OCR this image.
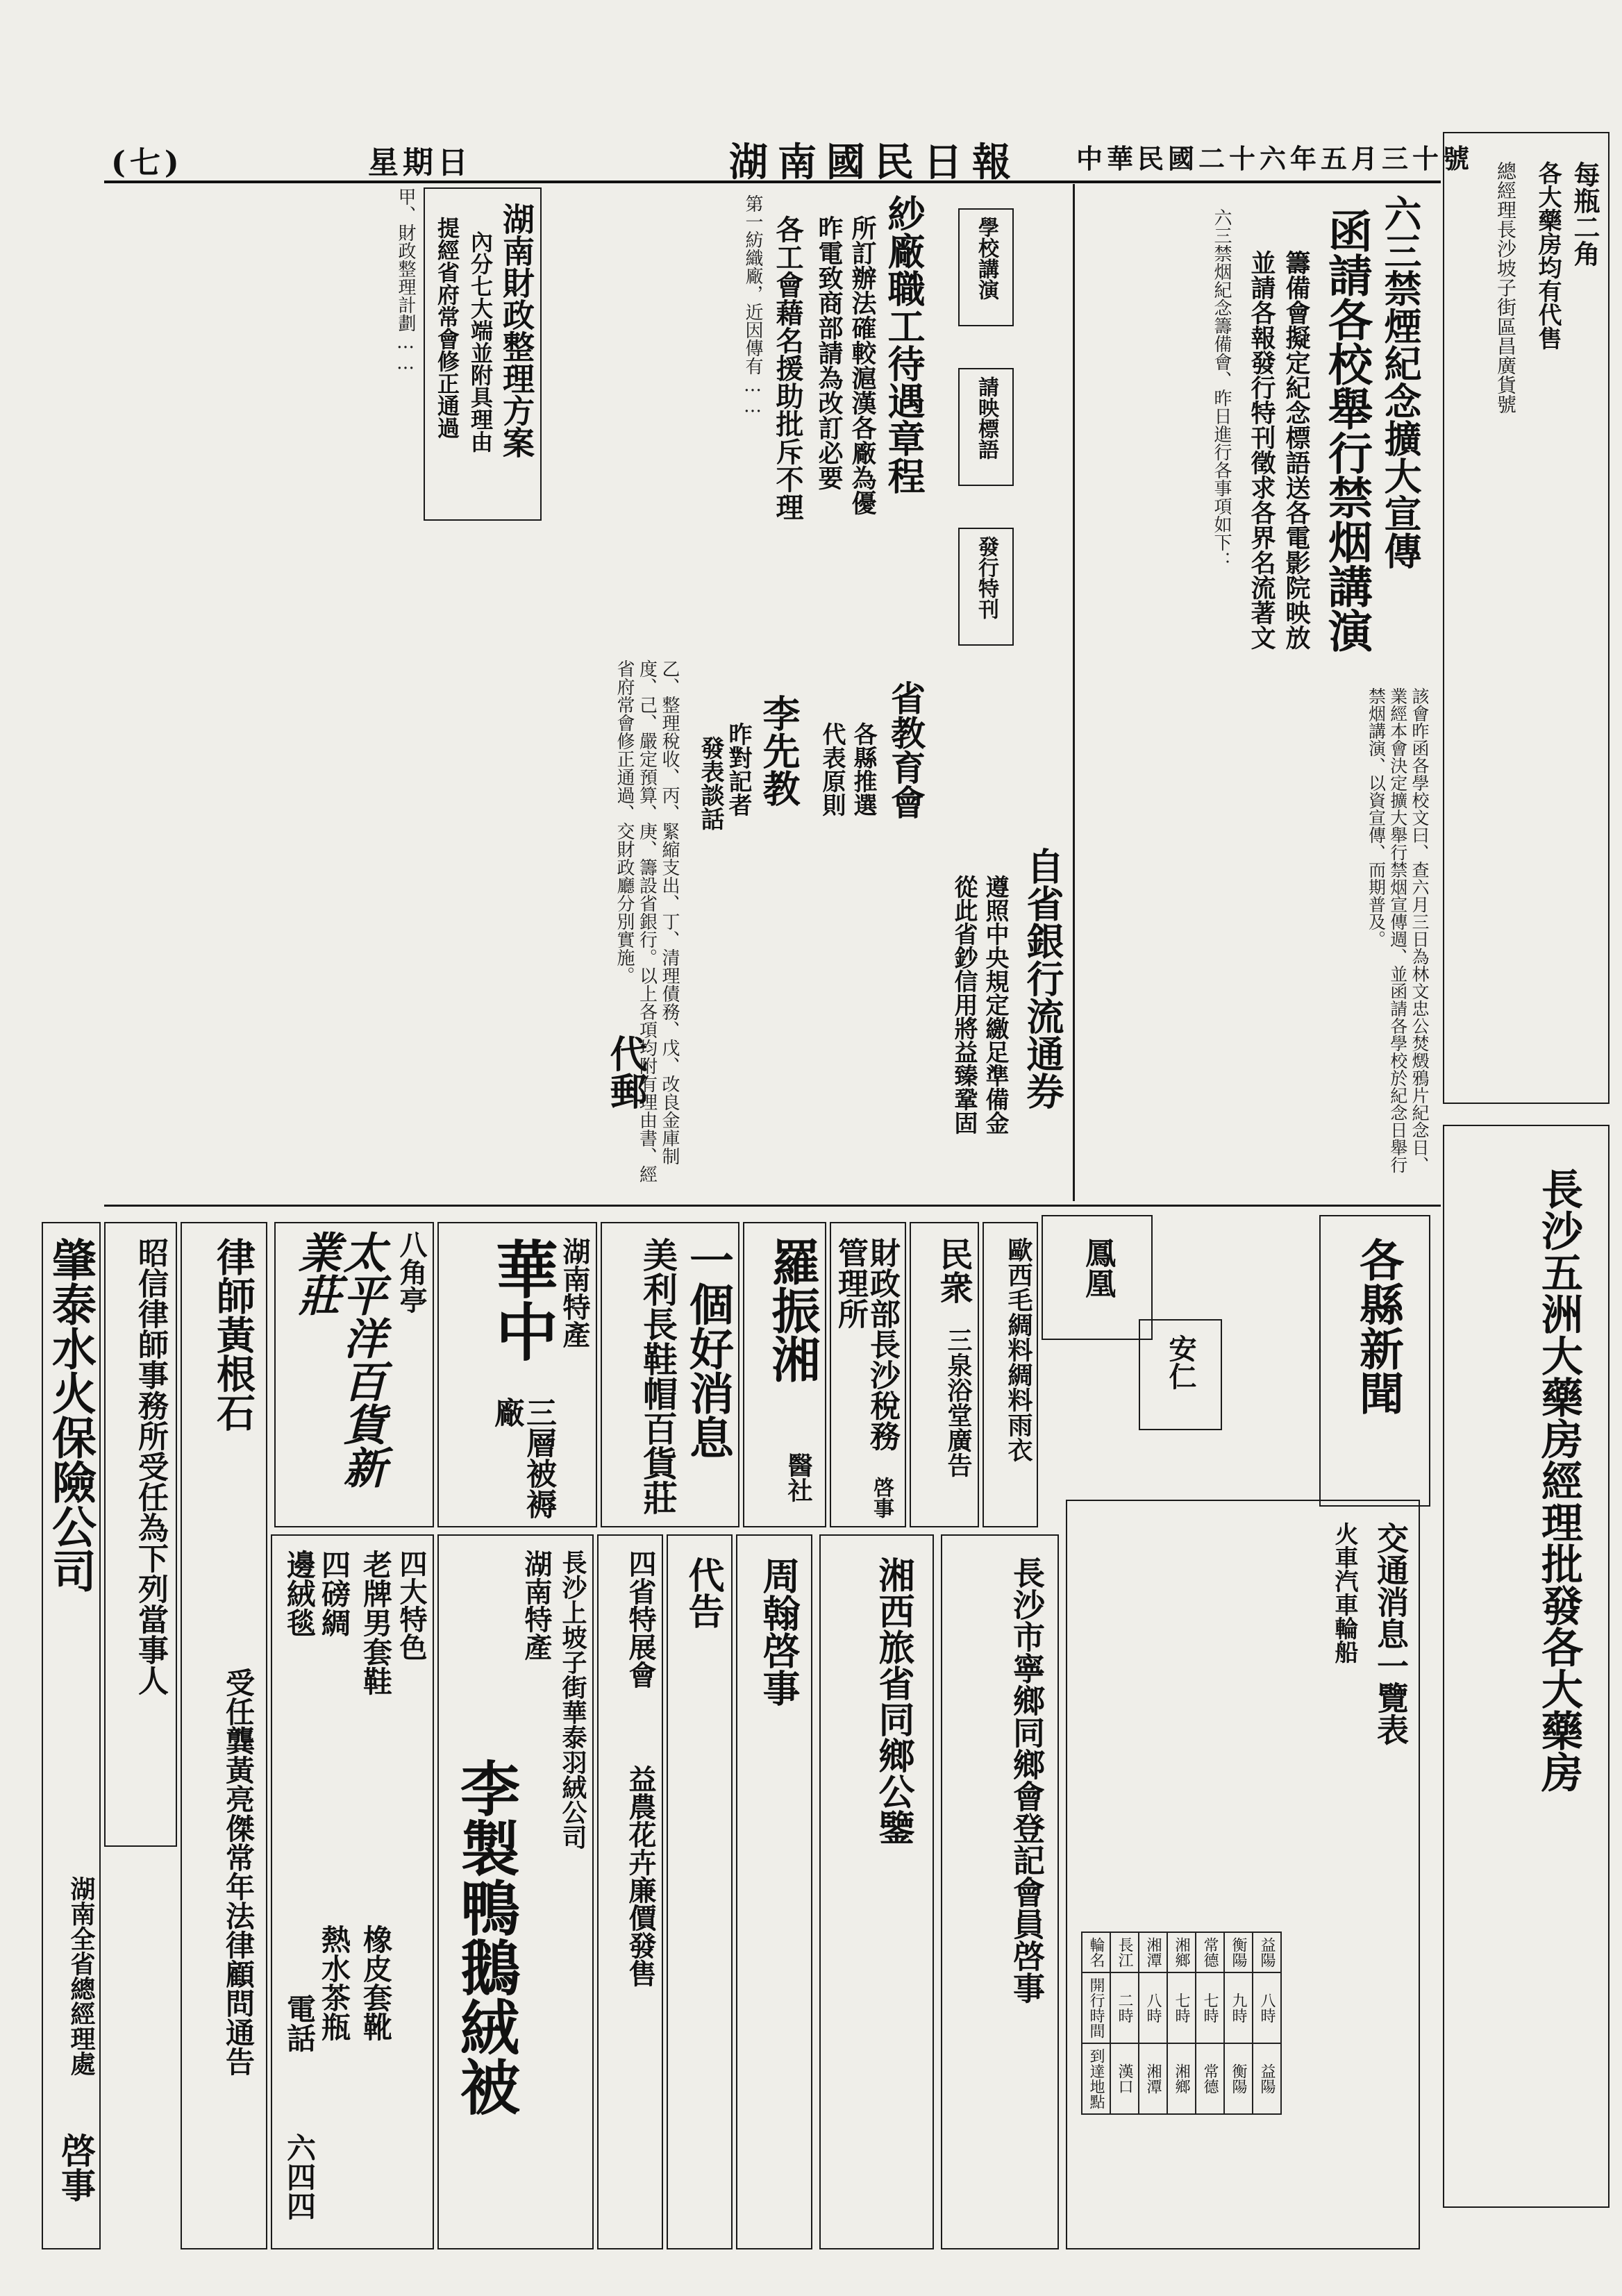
(七)	星期日	湖南國民日報 中華民國二十六年五月三十號
每瓶二角
各大藥房均有代售
總經理長沙坡子街區昌廣貨號
長沙五洲大藥房經理批發各大藥房
六三禁煙紀念擴大宣傳
函請各校舉行禁烟講演
籌備會擬定紀念標語送各電影院映放
並請各報發行特刊徵求各界名流著文
六三禁烟紀念籌備會、昨日進行各事項如下：
學校講演
請映標語
發行特刊
該會昨函各學校文曰、查六月三日為林文忠公焚燬鴉片紀念日、業經本會決定擴大舉行禁烟宣傳週、並函請各學校於紀念日舉行禁烟講演、以資宣傳、而期普及。
紗廠職工待遇章程
所訂辦法確較滬漢各廠為優
昨電致商部請為改訂必要
各工會藉名援助批斥不理
第一紡織廠，近因傳有……
湖南財政整理方案
內分七大端並附具理由
提經省府常會修正通過
甲、財政整理計劃……
乙、整理稅收、丙、緊縮支出、丁、清理債務、戊、改良金庫制度、己、嚴定預算、庚、籌設省銀行。以上各項均附有理由書、經省府常會修正通過、交財政廳分別實施。	李先教
昨對記者
發表談話	省教育會
各縣推選
代表原則
自省銀行流通券
遵照中央規定繳足準備金
從此省鈔信用將益臻鞏固
代郵
各縣新聞
鳳凰
安仁
交通消息一覽表
火車汽車輪船
輪名	長江	湘潭	湘鄉	常德	衡陽	益陽
開行時間	二時	八時	七時	七時	九時	八時
到達地點	漢口	湘潭	湘鄉	常德	衡陽	益陽
長沙市寧鄉同鄉會登記會員啓事
湘西旅省同鄉公鑒
周翰啓事
代告
四省特展會
益農花卉廉價發售
長沙上坡子街華泰羽絨公司
湖南特產
李製鴨鵝絨被
四大特色
老牌男套鞋
橡皮套靴
四磅綢
邊絨毯
熱水茶瓶
電話
六四四
律師黃根石
受任龔黃亮傑常年法律顧問通告
昭信律師事務所受任為下列當事人
肇泰水火保險公司
湖南全省總經理處
啓事
八角亭
太平洋百貨新業莊	湖南特產
華中
三層被褥廠	一個好消息
美利長鞋帽百貨莊 羅振湘
醫社
財政部長沙稅務管理所
啓事
民衆
三泉浴堂廣告 歐西毛綢料綢料雨衣
